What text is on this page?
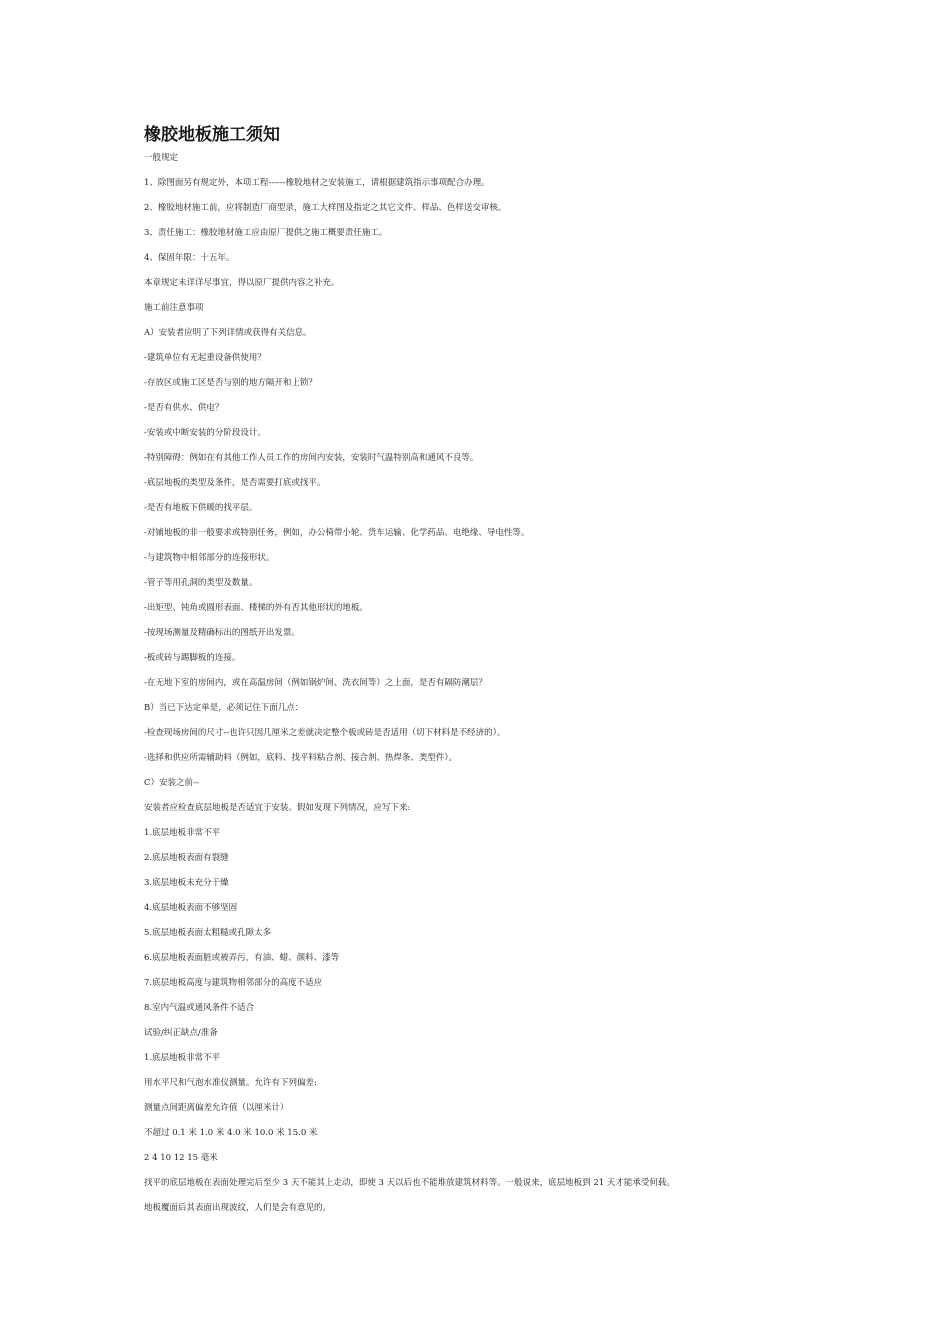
橡胶地板施工须知

一般规定

1、除图面另有规定外，本项工程------橡胶地材之安装施工，请根据建筑指示事项配合办理。

2、橡胶地材施工前，应将制造厂商型录，施工大样图及指定之其它文件、样品、色样送交审核。

3、责任施工：橡胶地材施工应由原厂提供之施工概要责任施工。

4、保固年限：十五年。

本章规定未详详尽事宜，得以原厂提供内容之补充。

施工前注意事项

A）安装者应明了下列详情或获得有关信息。

-建筑单位有无起重设备供使用？

-存放区或施工区是否与别的地方隔开和上锁？

-是否有供水、供电？

-安装或中断安装的分阶段设计。

-特别障碍：例如在有其他工作人员工作的房间内安装，安装时气温特别高和通风不良等。

-底层地板的类型及条件，是否需要打底或找平。

-是否有地板下供暖的找平层。

-对铺地板的非一般要求或特别任务，例如，办公椅带小轮、货车运输、化学药品、电绝缘、导电性等。

-与建筑物中相邻部分的连接形状。

-管子等用孔洞的类型及数量。

-出矩型、钝角或圆形表面、楼梯的外有否其他形状的地板。

-按现场测量及精确标出的图纸开出发票。

-板或砖与踢脚板的连接。

-在无地下室的房间内，或在高温房间（例如锅炉间、洗衣间等）之上面，是否有隔防潮层？

B）当已下达定单是，必须记住下面几点：

-检查现场房间的尺寸--也许只因几厘米之差就决定整个板或砖是否适用（切下材料是不经济的）。

-选择和供应所需辅助料（例如，底料、找平料粘合剂、接合剂、热焊条、类型件）。

C）安装之前--

安装者应检查底层地板是否适宜于安装。假如发现下列情况，应写下来:

1.底层地板非常不平

2.底层地板表面有裂缝

3.底层地板未充分干燥

4.底层地板表面不够坚固

5.底层地板表面太粗糙或孔隙太多

6.底层地板表面脏或被弄污，有油、蜡、颜料、漆等

7.底层地板高度与建筑物相邻部分的高度不适应

8.室内气温或通风条件不适合

试验/纠正缺点/准备

1.底层地板非常不平

用水平尺和气泡水准仪测量。允许有下列偏差:

测量点间距离偏差允许值（以厘米计）

不超过 0.1 米 1.0 米 4.0 米 10.0 米 15.0 米

2 4 10 12 15 毫米

找平的底层地板在表面处理完后至少 3 天不能其上走动，即使 3 天以后也不能堆放建筑材料等。一般说来，底层地板到 21 天才能承受何载。

地板覆面后其表面出现波纹，人们是会有意见的。
